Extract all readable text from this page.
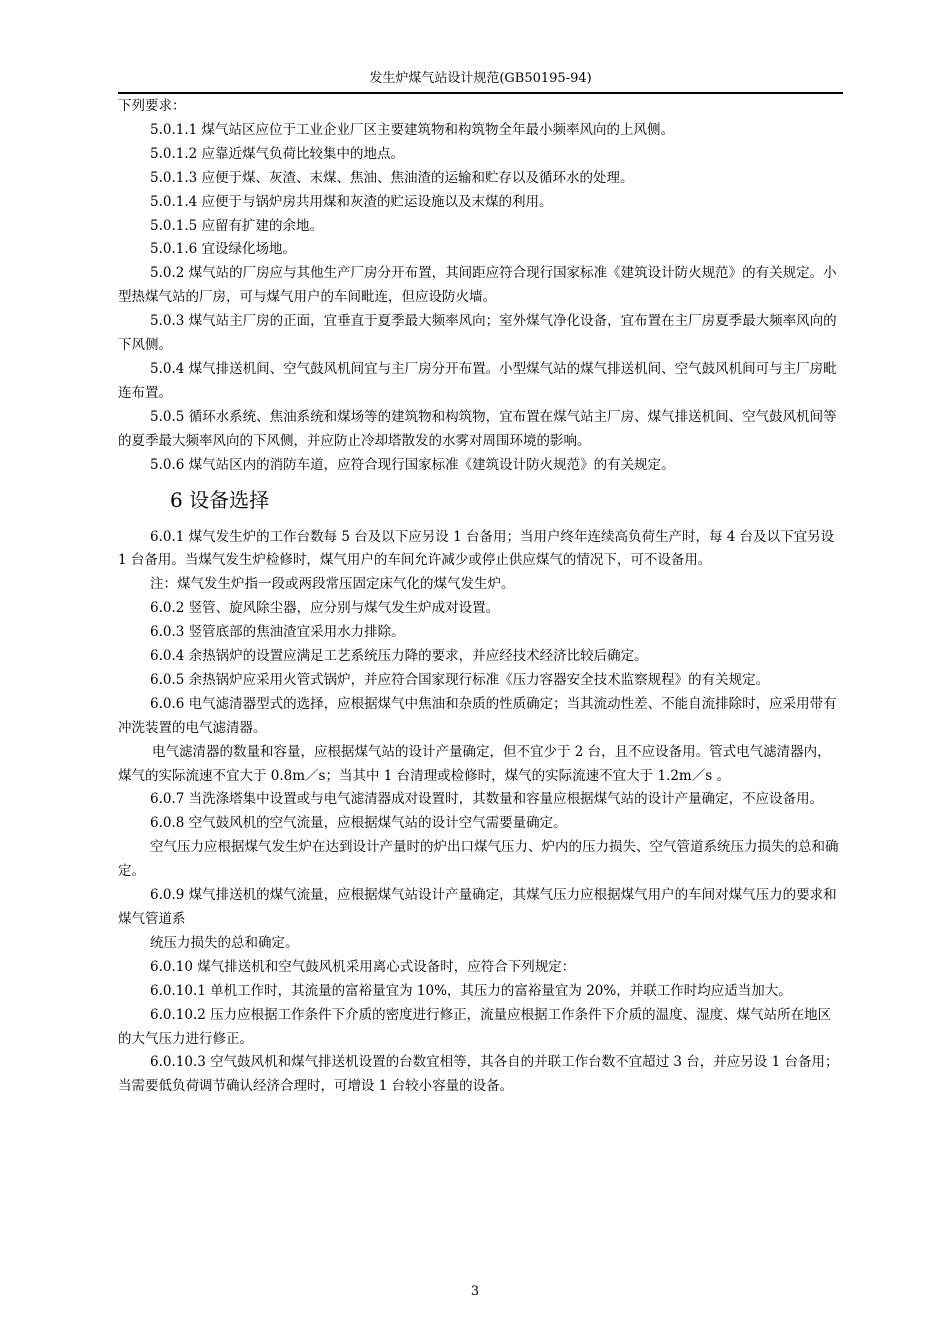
发生炉煤气站设计规范(GB50195-94)

下列要求：

5.0.1.1 煤气站区应位于工业企业厂区主要建筑物和构筑物全年最小频率风向的上风侧。

5.0.1.2 应靠近煤气负荷比较集中的地点。

5.0.1.3 应便于煤、灰渣、末煤、焦油、焦油渣的运输和贮存以及循环水的处理。

5.0.1.4 应便于与锅炉房共用煤和灰渣的贮运设施以及末煤的利用。

5.0.1.5 应留有扩建的余地。

5.0.1.6 宜设绿化场地。

5.0.2 煤气站的厂房应与其他生产厂房分开布置，其间距应符合现行国家标准《建筑设计防火规范》的有关规定。小型热煤气站的厂房，可与煤气用户的车间毗连，但应设防火墙。

5.0.3 煤气站主厂房的正面，宜垂直于夏季最大频率风向；室外煤气净化设备，宜布置在主厂房夏季最大频率风向的下风侧。

5.0.4 煤气排送机间、空气鼓风机间宜与主厂房分开布置。小型煤气站的煤气排送机间、空气鼓风机间可与主厂房毗连布置。

5.0.5 循环水系统、焦油系统和煤场等的建筑物和构筑物，宜布置在煤气站主厂房、煤气排送机间、空气鼓风机间等的夏季最大频率风向的下风侧，并应防止冷却塔散发的水雾对周围环境的影响。

5.0.6 煤气站区内的消防车道，应符合现行国家标准《建筑设计防火规范》的有关规定。

6 设备选择

6.0.1 煤气发生炉的工作台数每 5 台及以下应另设 1 台备用；当用户终年连续高负荷生产时，每 4 台及以下宜另设 1 台备用。当煤气发生炉检修时，煤气用户的车间允许减少或停止供应煤气的情况下，可不设备用。

注：煤气发生炉指一段或两段常压固定床气化的煤气发生炉。

6.0.2 竖管、旋风除尘器，应分别与煤气发生炉成对设置。

6.0.3 竖管底部的焦油渣宜采用水力排除。

6.0.4 余热锅炉的设置应满足工艺系统压力降的要求，并应经技术经济比较后确定。

6.0.5 余热锅炉应采用火管式锅炉，并应符合国家现行标准《压力容器安全技术监察规程》的有关规定。

6.0.6 电气滤清器型式的选择，应根据煤气中焦油和杂质的性质确定；当其流动性差、不能自流排除时，应采用带有冲洗装置的电气滤清器。

电气滤清器的数量和容量，应根据煤气站的设计产量确定，但不宜少于 2 台，且不应设备用。管式电气滤清器内，煤气的实际流速不宜大于 0.8m／s；当其中 1 台清理或检修时，煤气的实际流速不宜大于 1.2m／s 。

6.0.7 当洗涤塔集中设置或与电气滤清器成对设置时，其数量和容量应根据煤气站的设计产量确定，不应设备用。

6.0.8 空气鼓风机的空气流量，应根据煤气站的设计空气需要量确定。

空气压力应根据煤气发生炉在达到设计产量时的炉出口煤气压力、炉内的压力损失、空气管道系统压力损失的总和确定。

6.0.9 煤气排送机的煤气流量，应根据煤气站设计产量确定，其煤气压力应根据煤气用户的车间对煤气压力的要求和煤气管道系

统压力损失的总和确定。

6.0.10 煤气排送机和空气鼓风机采用离心式设备时，应符合下列规定：

6.0.10.1 单机工作时，其流量的富裕量宜为 10%，其压力的富裕量宜为 20%，并联工作时均应适当加大。

6.0.10.2 压力应根据工作条件下介质的密度进行修正，流量应根据工作条件下介质的温度、湿度、煤气站所在地区的大气压力进行修正。

6.0.10.3 空气鼓风机和煤气排送机设置的台数宜相等，其各自的并联工作台数不宜超过 3 台，并应另设 1 台备用；当需要低负荷调节确认经济合理时，可增设 1 台较小容量的设备。

3
